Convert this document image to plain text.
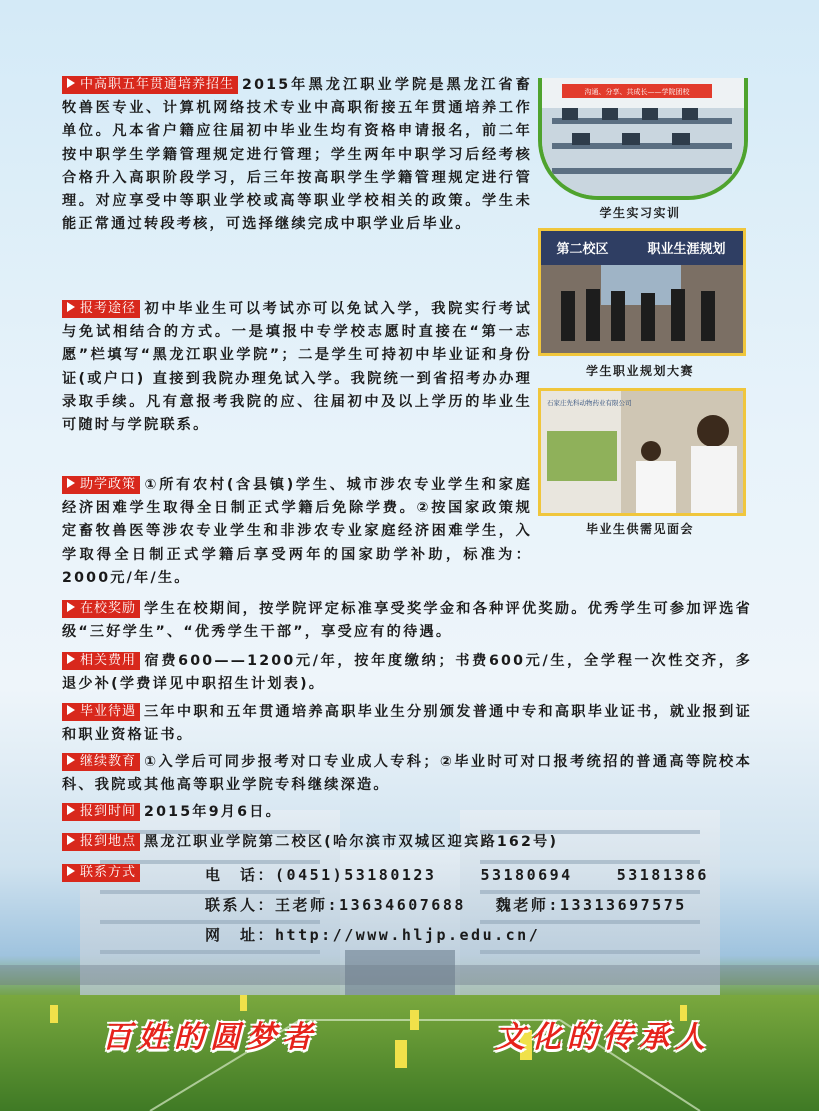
中高职五年贯通培养招生 2015年黑龙江职业学院是黑龙江省畜牧兽医专业、计算机网络技术专业中高职衔接五年贯通培养工作单位。凡本省户籍应往届初中毕业生均有资格申请报名，前二年按中职学生学籍管理规定进行管理；学生两年中职学习后经考核合格升入高职阶段学习，后三年按高职学生学籍管理规定进行管理。对应享受中等职业学校或高等职业学校相关的政策。学生未能正常通过转段考核，可选择继续完成中职学业后毕业。
报考途径 初中毕业生可以考试亦可以免试入学，我院实行考试与免试相结合的方式。一是填报中专学校志愿时直接在“第一志愿”栏填写“黑龙江职业学院”；二是学生可持初中毕业证和身份证(或户口) 直接到我院办理免试入学。我院统一到省招考办办理录取手续。凡有意报考我院的应、往届初中及以上学历的毕业生可随时与学院联系。
助学政策 ①所有农村(含县镇)学生、城市涉农专业学生和家庭经济困难学生取得全日制正式学籍后免除学费。②按国家政策规定畜牧兽医等涉农专业学生和非涉农专业家庭经济困难学生，入学取得全日制正式学籍后享受两年的国家助学补助，标准为：2000元/年/生。
在校奖励 学生在校期间，按学院评定标准享受奖学金和各种评优奖励。优秀学生可参加评选省级“三好学生”、“优秀学生干部”，享受应有的待遇。
相关费用 宿费600——1200元/年，按年度缴纳；书费600元/生，全学程一次性交齐，多退少补(学费详见中职招生计划表)。
毕业待遇 三年中职和五年贯通培养高职毕业生分别颁发普通中专和高职毕业证书，就业报到证和职业资格证书。
继续教育 ①入学后可同步报考对口专业成人专科；②毕业时可对口报考统招的普通高等院校本科、我院或其他高等职业学院专科继续深造。
报到时间 2015年9月6日。
报到地点 黑龙江职业学院第二校区(哈尔滨市双城区迎宾路162号)
联系方式	电　话：(0451)53180123	53180694	53181386
联系人：王老师:13634607688 魏老师:13313697575
网　址：http://www.hljp.edu.cn/
沟通、分享、共成长——学院团校
学生实习实训
第二校区　　　职业生涯规划
学生职业规划大赛
石家庄先科动物药业有限公司
毕业生供需见面会
百姓的圆梦者	文化的传承人
